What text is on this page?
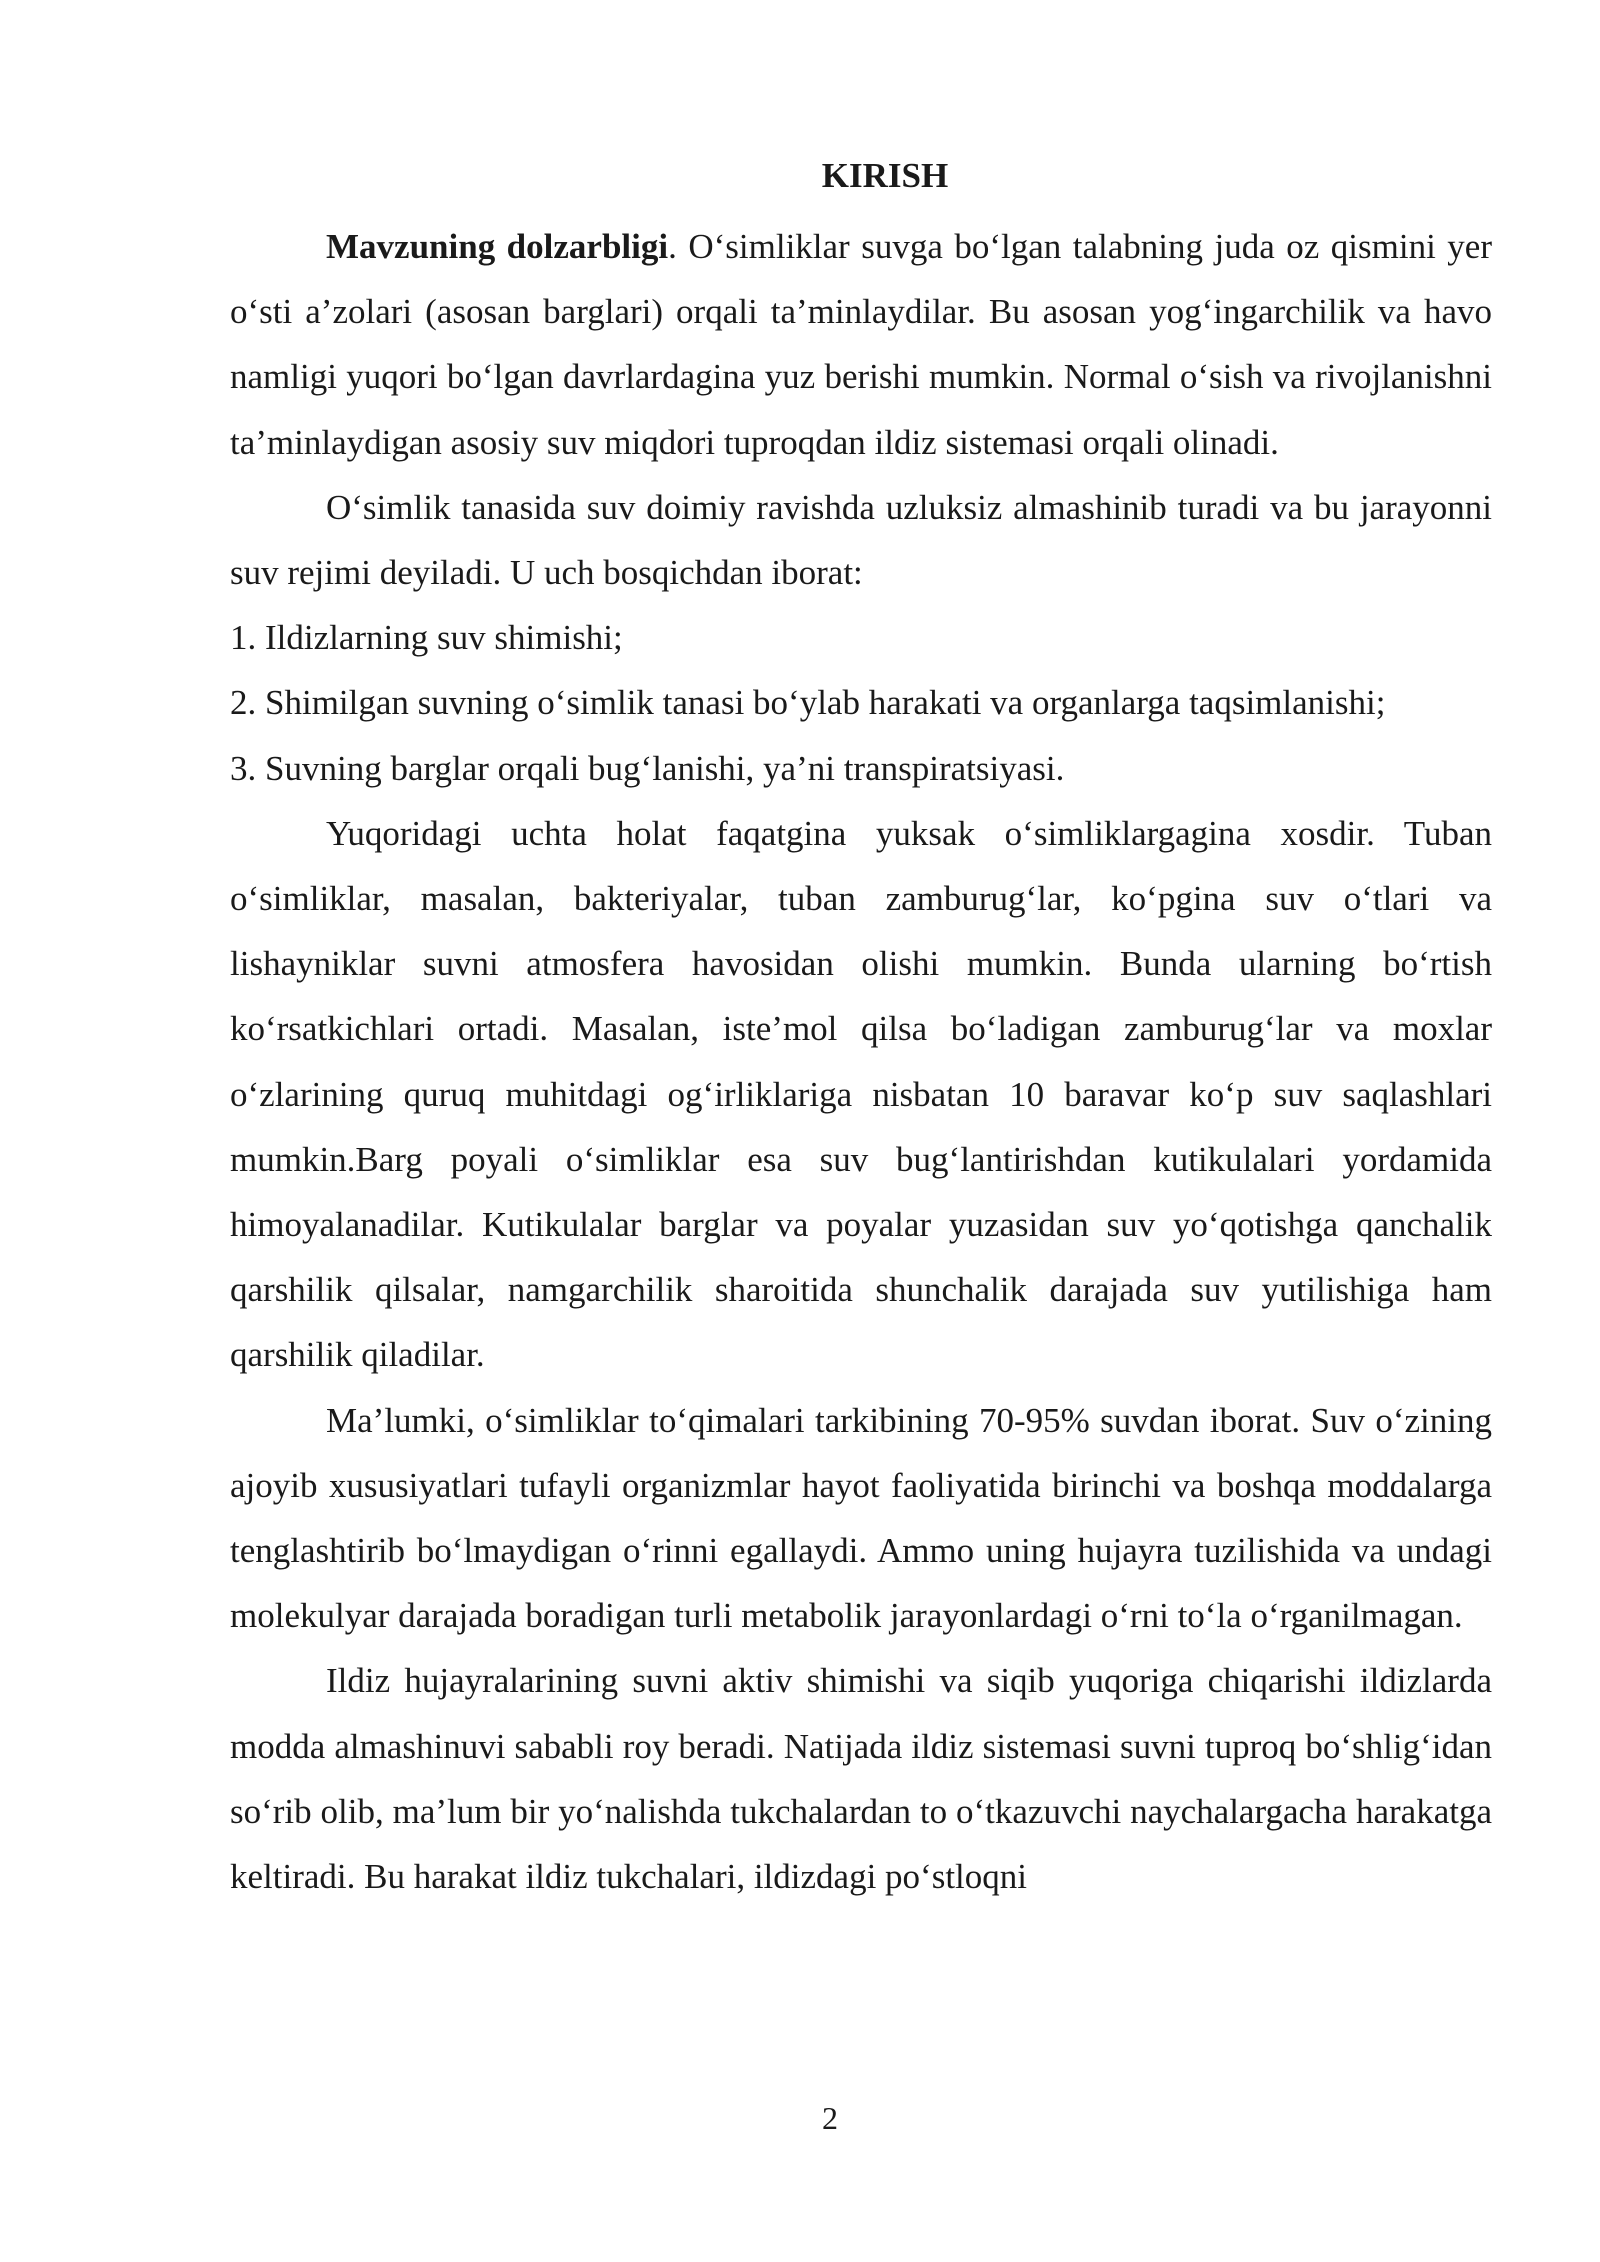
KIRISH

Mavzuning dolzarbligi. O‘simliklar suvga bo‘lgan talabning juda oz qismini yer o‘sti a’zolari (asosan barglari) orqali ta’minlaydilar. Bu asosan yog‘ingarchilik va havo namligi yuqori bo‘lgan davrlardagina yuz berishi mumkin. Normal o‘sish va rivojlanishni ta’minlaydigan asosiy suv miqdori tuproqdan ildiz sistemasi orqali olinadi.

O‘simlik tanasida suv doimiy ravishda uzluksiz almashinib turadi va bu jarayonni suv rejimi deyiladi. U uch bosqichdan iborat:

1. Ildizlarning suv shimishi;

2. Shimilgan suvning o‘simlik tanasi bo‘ylab harakati va organlarga taqsimlanishi;

3. Suvning barglar orqali bug‘lanishi, ya’ni transpiratsiyasi.

Yuqoridagi uchta holat faqatgina yuksak o‘simliklargagina xosdir. Tuban o‘simliklar, masalan, bakteriyalar, tuban zamburug‘lar, ko‘pgina suv o‘tlari va lishayniklar suvni atmosfera havosidan olishi mumkin. Bunda ularning bo‘rtish ko‘rsatkichlari ortadi. Masalan, iste’mol qilsa bo‘ladigan zamburug‘lar va moxlar o‘zlarining quruq muhitdagi og‘irliklariga nisbatan 10 baravar ko‘p suv saqlashlari mumkin.Barg poyali o‘simliklar esa suv bug‘lantirishdan kutikulalari yordamida himoyalanadilar. Kutikulalar barglar va poyalar yuzasidan suv yo‘qotishga qanchalik qarshilik qilsalar, namgarchilik sharoitida shunchalik darajada suv yutilishiga ham qarshilik qiladilar.

Ma’lumki, o‘simliklar to‘qimalari tarkibining 70-95% suvdan iborat. Suv o‘zining ajoyib xususiyatlari tufayli organizmlar hayot faoliyatida birinchi va boshqa moddalarga tenglashtirib bo‘lmaydigan o‘rinni egallaydi. Ammo uning hujayra tuzilishida va undagi molekulyar darajada boradigan turli metabolik jarayonlardagi o‘rni to‘la o‘rganilmagan.

Ildiz hujayralarining suvni aktiv shimishi va siqib yuqoriga chiqarishi ildizlarda modda almashinuvi sababli roy beradi. Natijada ildiz sistemasi suvni tuproq bo‘shlig‘idan so‘rib olib, ma’lum bir yo‘nalishda tukchalardan to o‘tkazuvchi naychalargacha harakatga keltiradi. Bu harakat ildiz tukchalari, ildizdagi po‘stloqni

2
